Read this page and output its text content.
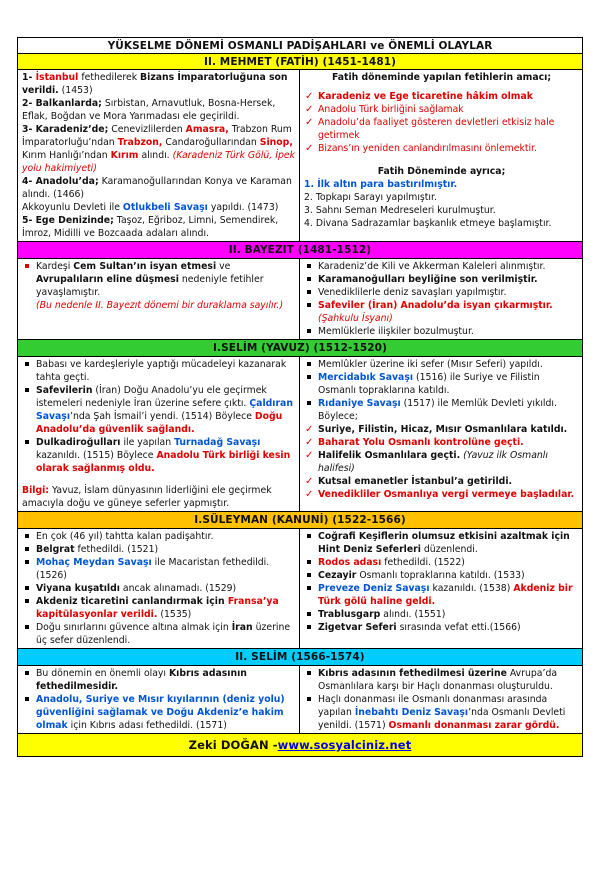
YÜKSELME DÖNEMİ OSMANLI PADİŞAHLARI ve ÖNEMLİ OLAYLAR
II. MEHMET (FATİH) (1451-1481)

1- İstanbul fethedilerek Bizans İmparatorluğuna son verildi. (1453)

2- Balkanlarda; Sırbistan, Arnavutluk, Bosna-Hersek, Eflak, Boğdan ve Mora Yarımadası ele geçirildi.

3- Karadeniz’de; Cenevizlilerden Amasra, Trabzon Rum İmparatorluğu’ndan Trabzon, Candaroğullarından Sinop, Kırım Hanlığı’ndan Kırım alındı. (Karadeniz Türk Gölü, İpek yolu hakimiyeti)

4- Anadolu’da; Karamanoğullarından Konya ve Karaman alındı. (1466)

Akkoyunlu Devleti ile Otlukbeli Savaşı yapıldı. (1473)

5- Ege Denizinde; Taşoz, Eğriboz, Limni, Semendirek, İmroz, Midilli ve Bozcaada adaları alındı.

Fatih döneminde yapılan fetihlerin amacı;

✓ Karadeniz ve Ege ticaretine hâkim olmak
✓ Anadolu Türk birliğini sağlamak
✓ Anadolu’da faaliyet gösteren devletleri etkisiz hale getirmek
✓ Bizans’ın yeniden canlandırılmasını önlemektir.

Fatih Döneminde ayrıca;

1. İlk altın para bastırılmıştır.

2. Topkapı Sarayı yapılmıştır.

3. Sahnı Seman Medreseleri kurulmuştur.

4. Divana Sadrazamlar başkanlık etmeye başlamıştır.

II. BAYEZIT (1481-1512)
Kardeşi Cem Sultan’ın isyan etmesi ve Avrupalıların eline düşmesi nedeniyle fetihler yavaşlamıştır.
(Bu nedenle II. Bayezıt dönemi bir duraklama sayılır.)
Karadeniz’de Kili ve Akkerman Kaleleri alınmıştır.
Karamanoğulları beyliğine son verilmiştir.
Venediklilerle deniz savaşları yapılmıştır.
Safeviler (İran) Anadolu’da isyan çıkarmıştır.
(Şahkulu İsyanı)
Memlüklerle ilişkiler bozulmuştur.
I.SELİM (YAVUZ) (1512-1520)
Babası ve kardeşleriyle yaptığı mücadeleyi kazanarak tahta geçti.
Safevilerin (İran) Doğu Anadolu’yu ele geçirmek istemeleri nedeniyle İran üzerine sefere çıktı. Çaldıran Savaşı’nda Şah İsmail’i yendi. (1514) Böylece Doğu Anadolu’da güvenlik sağlandı.
Dulkadiroğulları ile yapılan Turnadağ Savaşı kazanıldı. (1515) Böylece Anadolu Türk birliği kesin olarak sağlanmış oldu.

Bilgi: Yavuz, İslam dünyasının liderliğini ele geçirmek amacıyla doğu ve güneye seferler yapmıştır.

Memlûkler üzerine iki sefer (Mısır Seferi) yapıldı.
Mercidabık Savaşı (1516) ile Suriye ve Filistin Osmanlı topraklarına katıldı.
Rıdaniye Savaşı (1517) ile Memlük Devleti yıkıldı. Böylece;
✓ Suriye, Filistin, Hicaz, Mısır Osmanlılara katıldı.
✓ Baharat Yolu Osmanlı kontrolüne geçti.
✓ Halifelik Osmanlılara geçti. (Yavuz ilk Osmanlı halifesi)
✓ Kutsal emanetler İstanbul’a getirildi.
✓ Venedikliler Osmanlıya vergi vermeye başladılar.
I.SÜLEYMAN (KANUNİ) (1522-1566)
En çok (46 yıl) tahtta kalan padişahtır.
Belgrat fethedildi. (1521)
Mohaç Meydan Savaşı ile Macaristan fethedildi. (1526)
Viyana kuşatıldı ancak alınamadı. (1529)
Akdeniz ticaretini canlandırmak için Fransa’ya kapitülasyonlar verildi. (1535)
Doğu sınırlarını güvence altına almak için İran üzerine üç sefer düzenlendi.
Coğrafi Keşiflerin olumsuz etkisini azaltmak için Hint Deniz Seferleri düzenlendi.
Rodos adası fethedildi. (1522)
Cezayir Osmanlı topraklarına katıldı. (1533)
Preveze Deniz Savaşı kazanıldı. (1538) Akdeniz bir Türk gölü haline geldi.
Trablusgarp alındı. (1551)
Zigetvar Seferi sırasında vefat etti.(1566)
II. SELİM (1566-1574)
Bu dönemin en önemli olayı Kıbrıs adasının fethedilmesidir.
Anadolu, Suriye ve Mısır kıyılarının (deniz yolu) güvenliğini sağlamak ve Doğu Akdeniz’e hakim olmak için Kıbrıs adası fethedildi. (1571)
Kıbrıs adasının fethedilmesi üzerine Avrupa’da Osmanlılara karşı bir Haçlı donanması oluşturuldu.
Haçlı donanması ile Osmanlı donanması arasında yapılan İnebahtı Deniz Savaşı’nda Osmanlı Devleti yenildi. (1571) Osmanlı donanması zarar gördü.
Zeki DOĞAN - www.sosyalciniz.net
